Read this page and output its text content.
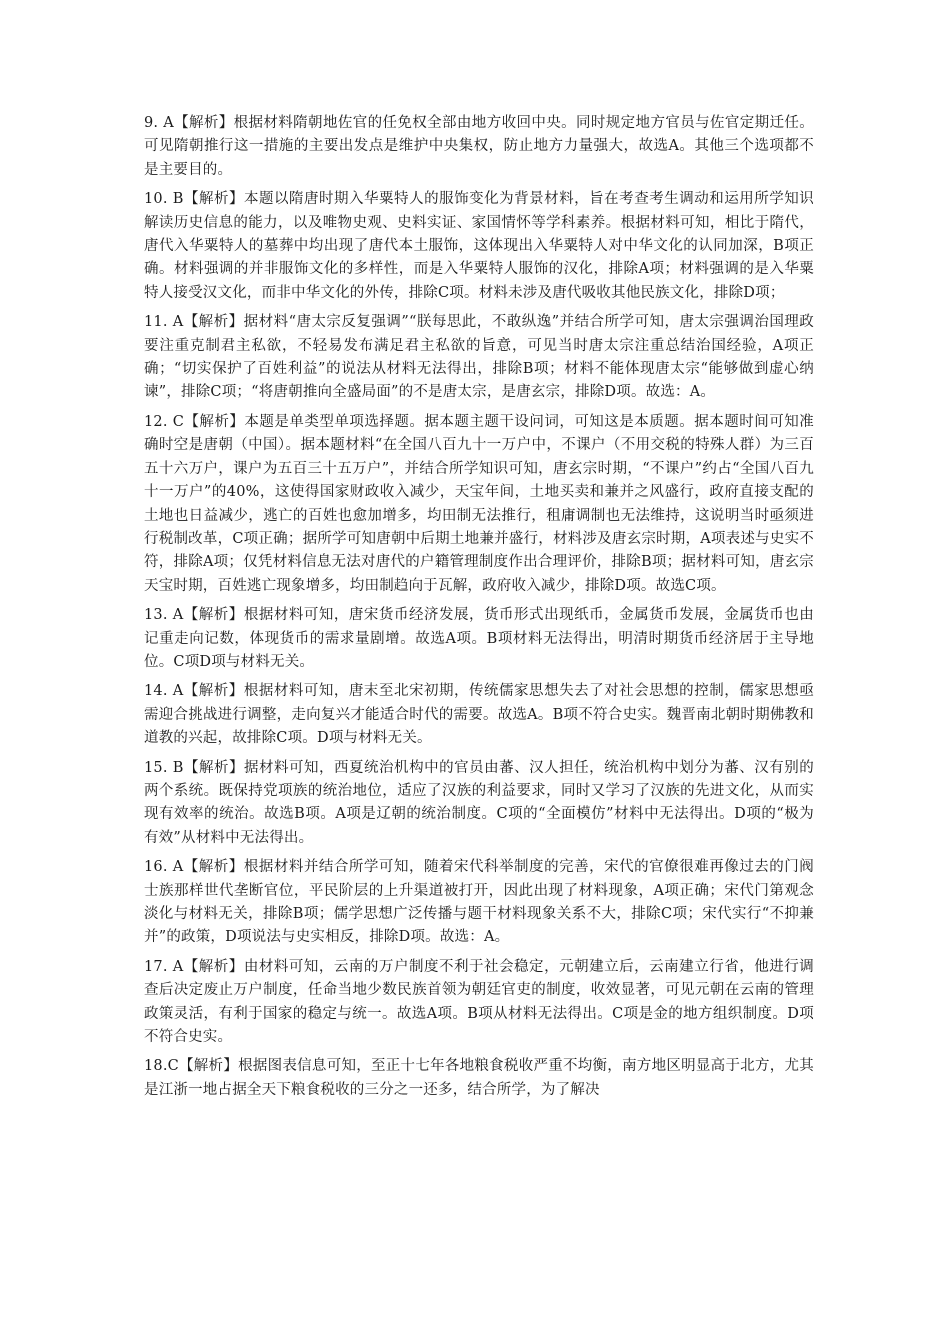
9. A【解析】根据材料隋朝地佐官的任免权全部由地方收回中央。同时规定地方官员与佐官定期迁任。可见隋朝推行这一措施的主要出发点是维护中央集权，防止地方力量强大，故选A。其他三个选项都不是主要目的。

10. B【解析】本题以隋唐时期入华粟特人的服饰变化为背景材料，旨在考查考生调动和运用所学知识解读历史信息的能力，以及唯物史观、史料实证、家国情怀等学科素养。根据材料可知，相比于隋代，唐代入华粟特人的墓葬中均出现了唐代本土服饰，这体现出入华粟特人对中华文化的认同加深，B项正确。材料强调的并非服饰文化的多样性，而是入华粟特人服饰的汉化，排除A项；材料强调的是入华粟特人接受汉文化，而非中华文化的外传，排除C项。材料未涉及唐代吸收其他民族文化，排除D项；

11. A【解析】据材料“唐太宗反复强调”“朕每思此，不敢纵逸”并结合所学可知，唐太宗强调治国理政要注重克制君主私欲，不轻易发布满足君主私欲的旨意，可见当时唐太宗注重总结治国经验，A项正确；“切实保护了百姓利益”的说法从材料无法得出，排除B项；材料不能体现唐太宗“能够做到虚心纳谏”，排除C项；“将唐朝推向全盛局面”的不是唐太宗，是唐玄宗，排除D项。故选：A。

12. C【解析】本题是单类型单项选择题。据本题主题干设问词，可知这是本质题。据本题时间可知准确时空是唐朝（中国）。据本题材料“在全国八百九十一万户中，不课户（不用交税的特殊人群）为三百五十六万户，课户为五百三十五万户”，并结合所学知识可知，唐玄宗时期，“不课户”约占“全国八百九十一万户”的40%，这使得国家财政收入减少，天宝年间，土地买卖和兼并之风盛行，政府直接支配的土地也日益减少，逃亡的百姓也愈加增多，均田制无法推行，租庸调制也无法维持，这说明当时亟须进行税制改革，C项正确；据所学可知唐朝中后期土地兼并盛行，材料涉及唐玄宗时期，A项表述与史实不符，排除A项；仅凭材料信息无法对唐代的户籍管理制度作出合理评价，排除B项；据材料可知，唐玄宗天宝时期，百姓逃亡现象增多，均田制趋向于瓦解，政府收入减少，排除D项。故选C项。

13. A【解析】根据材料可知，唐宋货币经济发展，货币形式出现纸币，金属货币发展，金属货币也由记重走向记数，体现货币的需求量剧增。故选A项。B项材料无法得出，明清时期货币经济居于主导地位。C项D项与材料无关。

14. A【解析】根据材料可知，唐末至北宋初期，传统儒家思想失去了对社会思想的控制，儒家思想亟需迎合挑战进行调整，走向复兴才能适合时代的需要。故选A。B项不符合史实。魏晋南北朝时期佛教和道教的兴起，故排除C项。D项与材料无关。

15. B【解析】据材料可知，西夏统治机构中的官员由蕃、汉人担任，统治机构中划分为蕃、汉有别的两个系统。既保持党项族的统治地位，适应了汉族的利益要求，同时又学习了汉族的先进文化，从而实现有效率的统治。故选B项。A项是辽朝的统治制度。C项的“全面模仿”材料中无法得出。D项的“极为有效”从材料中无法得出。

16. A【解析】根据材料并结合所学可知，随着宋代科举制度的完善，宋代的官僚很难再像过去的门阀士族那样世代垄断官位，平民阶层的上升渠道被打开，因此出现了材料现象，A项正确；宋代门第观念淡化与材料无关，排除B项；儒学思想广泛传播与题干材料现象关系不大，排除C项；宋代实行“不抑兼并”的政策，D项说法与史实相反，排除D项。故选：A。

17. A【解析】由材料可知，云南的万户制度不利于社会稳定，元朝建立后，云南建立行省，他进行调查后决定废止万户制度，任命当地少数民族首领为朝廷官吏的制度，收效显著，可见元朝在云南的管理政策灵活，有利于国家的稳定与统一。故选A项。B项从材料无法得出。C项是金的地方组织制度。D项不符合史实。

18.C【解析】根据图表信息可知，至正十七年各地粮食税收严重不均衡，南方地区明显高于北方，尤其是江浙一地占据全天下粮食税收的三分之一还多，结合所学，为了解决
